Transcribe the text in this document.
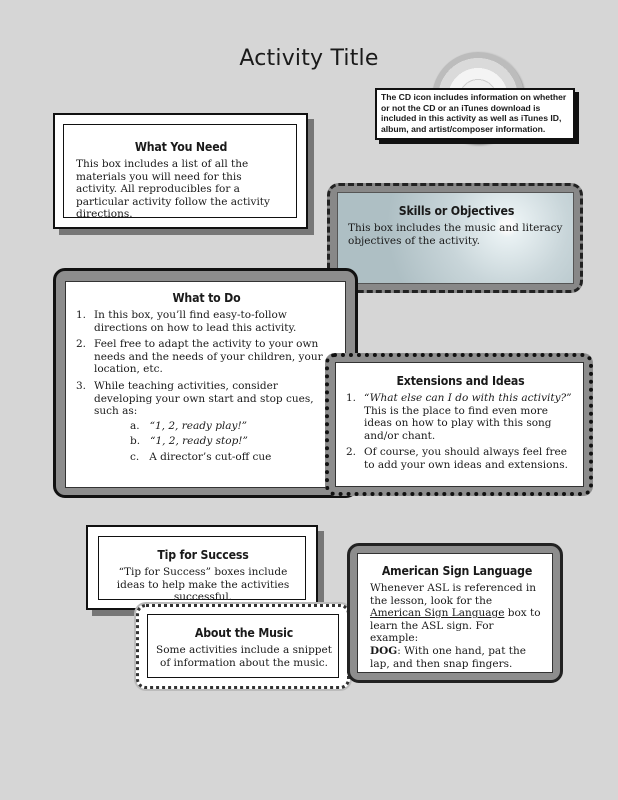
Activity Title
The CD icon includes information on whether or not the CD or an iTunes download is included in this activity as well as iTunes ID, album, and artist/composer information.
What You Need
This box includes a list of all the materials you will need for this activity. All reproducibles for a particular activity follow the activity directions.	Skills or Objectives
This box includes the music and literacy objectives of the activity.
What to Do
1. In this box, you’ll find easy-to-follow directions on how to lead this activity.
2. Feel free to adapt the activity to your own needs and the needs of your children, your location, etc.
3. While teaching activities, consider developing your own start and stop cues, such as:
a. “1, 2, ready play!”
b. “1, 2, ready stop!”
c. A director’s cut-off cue
Extensions and Ideas
1. “What else can I do with this activity?” This is the place to find even more ideas on how to play with this song and/or chant.
2. Of course, you should always feel free to add your own ideas and extensions.
Tip for Success
“Tip for Success” boxes include ideas to help make the activities successful.
About the Music
Some activities include a snippet of information about the music.
American Sign Language
Whenever ASL is referenced in the lesson, look for the American Sign Language box to learn the ASL sign. For example:
DOG: With one hand, pat the lap, and then snap fingers.
